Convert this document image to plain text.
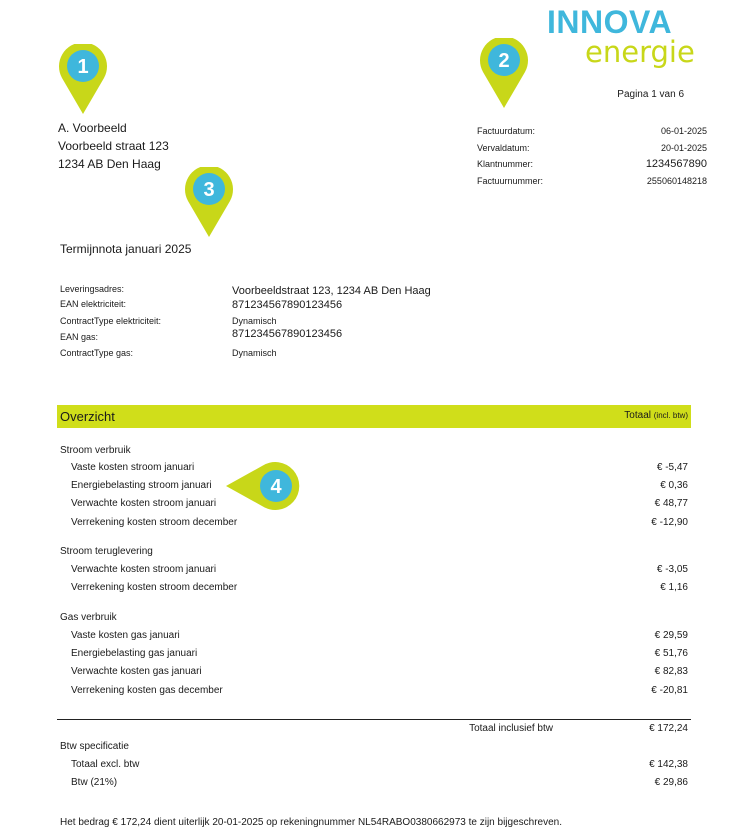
INNOVA
energie
1	2
3
4
Pagina 1 van 6
A. Voorbeeld
Voorbeeld straat 123
1234 AB Den Haag
Factuurdatum:	06-01-2025
Vervaldatum:	20-01-2025
Klantnummer:	1234567890
Factuurnummer:	255060148218
Termijnnota januari 2025
Leveringsadres:	Voorbeeldstraat 123, 1234 AB Den Haag
EAN elektriciteit:	871234567890123456
ContractType elektriciteit:	Dynamisch
EAN gas:	871234567890123456
ContractType gas:	Dynamisch
Overzicht	Totaal (incl. btw)
Stroom verbruik
Vaste kosten stroom januari	€ -5,47
Energiebelasting stroom januari	€ 0,36
Verwachte kosten stroom januari	€ 48,77
Verrekening kosten stroom december	€ -12,90
Stroom teruglevering
Verwachte kosten stroom januari	€ -3,05
Verrekening kosten stroom december	€ 1,16
Gas verbruik
Vaste kosten gas januari	€ 29,59
Energiebelasting gas januari	€ 51,76
Verwachte kosten gas januari	€ 82,83
Verrekening kosten gas december	€ -20,81
Totaal inclusief btw	€ 172,24
Btw specificatie
Totaal excl. btw	€ 142,38
Btw (21%)	€ 29,86
Het bedrag € 172,24 dient uiterlijk 20-01-2025 op rekeningnummer NL54RABO0380662973 te zijn bijgeschreven.
